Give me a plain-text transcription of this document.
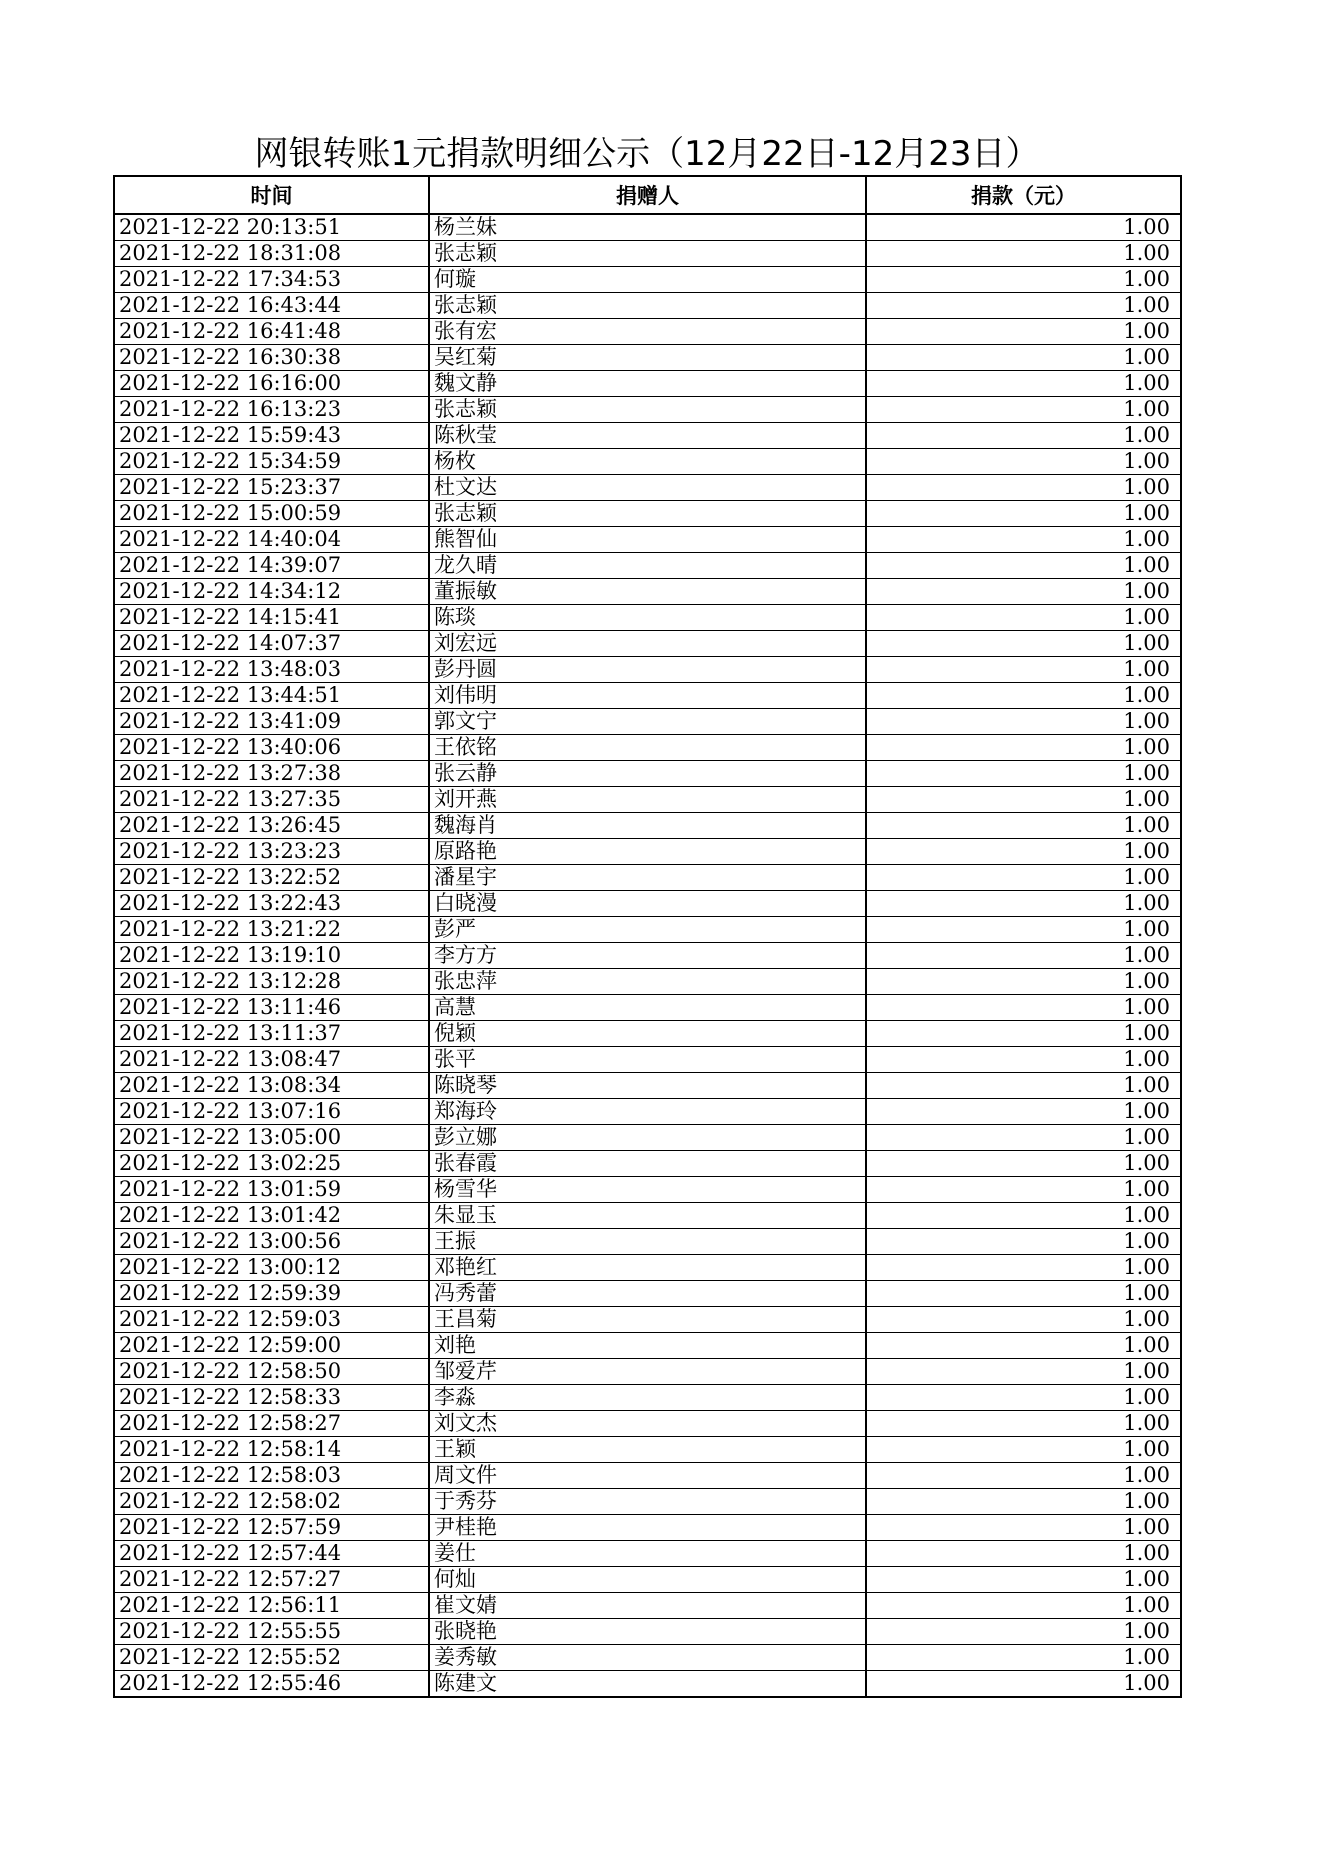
网银转账1元捐款明细公示（12月22日-12月23日）
时间	捐赠人	捐款（元）
2021-12-22 20:13:51	杨兰妹	1.00
2021-12-22 18:31:08	张志颖	1.00
2021-12-22 17:34:53	何璇	1.00
2021-12-22 16:43:44	张志颖	1.00
2021-12-22 16:41:48	张有宏	1.00
2021-12-22 16:30:38	吴红菊	1.00
2021-12-22 16:16:00	魏文静	1.00
2021-12-22 16:13:23	张志颖	1.00
2021-12-22 15:59:43	陈秋莹	1.00
2021-12-22 15:34:59	杨枚	1.00
2021-12-22 15:23:37	杜文达	1.00
2021-12-22 15:00:59	张志颖	1.00
2021-12-22 14:40:04	熊智仙	1.00
2021-12-22 14:39:07	龙久晴	1.00
2021-12-22 14:34:12	董振敏	1.00
2021-12-22 14:15:41	陈琰	1.00
2021-12-22 14:07:37	刘宏远	1.00
2021-12-22 13:48:03	彭丹圆	1.00
2021-12-22 13:44:51	刘伟明	1.00
2021-12-22 13:41:09	郭文宁	1.00
2021-12-22 13:40:06	王依铭	1.00
2021-12-22 13:27:38	张云静	1.00
2021-12-22 13:27:35	刘开燕	1.00
2021-12-22 13:26:45	魏海肖	1.00
2021-12-22 13:23:23	原路艳	1.00
2021-12-22 13:22:52	潘星宇	1.00
2021-12-22 13:22:43	白晓漫	1.00
2021-12-22 13:21:22	彭严	1.00
2021-12-22 13:19:10	李方方	1.00
2021-12-22 13:12:28	张忠萍	1.00
2021-12-22 13:11:46	高慧	1.00
2021-12-22 13:11:37	倪颖	1.00
2021-12-22 13:08:47	张平	1.00
2021-12-22 13:08:34	陈晓琴	1.00
2021-12-22 13:07:16	郑海玲	1.00
2021-12-22 13:05:00	彭立娜	1.00
2021-12-22 13:02:25	张春霞	1.00
2021-12-22 13:01:59	杨雪华	1.00
2021-12-22 13:01:42	朱显玉	1.00
2021-12-22 13:00:56	王振	1.00
2021-12-22 13:00:12	邓艳红	1.00
2021-12-22 12:59:39	冯秀蕾	1.00
2021-12-22 12:59:03	王昌菊	1.00
2021-12-22 12:59:00	刘艳	1.00
2021-12-22 12:58:50	邹爱芹	1.00
2021-12-22 12:58:33	李淼	1.00
2021-12-22 12:58:27	刘文杰	1.00
2021-12-22 12:58:14	王颖	1.00
2021-12-22 12:58:03	周文件	1.00
2021-12-22 12:58:02	于秀芬	1.00
2021-12-22 12:57:59	尹桂艳	1.00
2021-12-22 12:57:44	姜仕	1.00
2021-12-22 12:57:27	何灿	1.00
2021-12-22 12:56:11	崔文婧	1.00
2021-12-22 12:55:55	张晓艳	1.00
2021-12-22 12:55:52	姜秀敏	1.00
2021-12-22 12:55:46	陈建文	1.00
